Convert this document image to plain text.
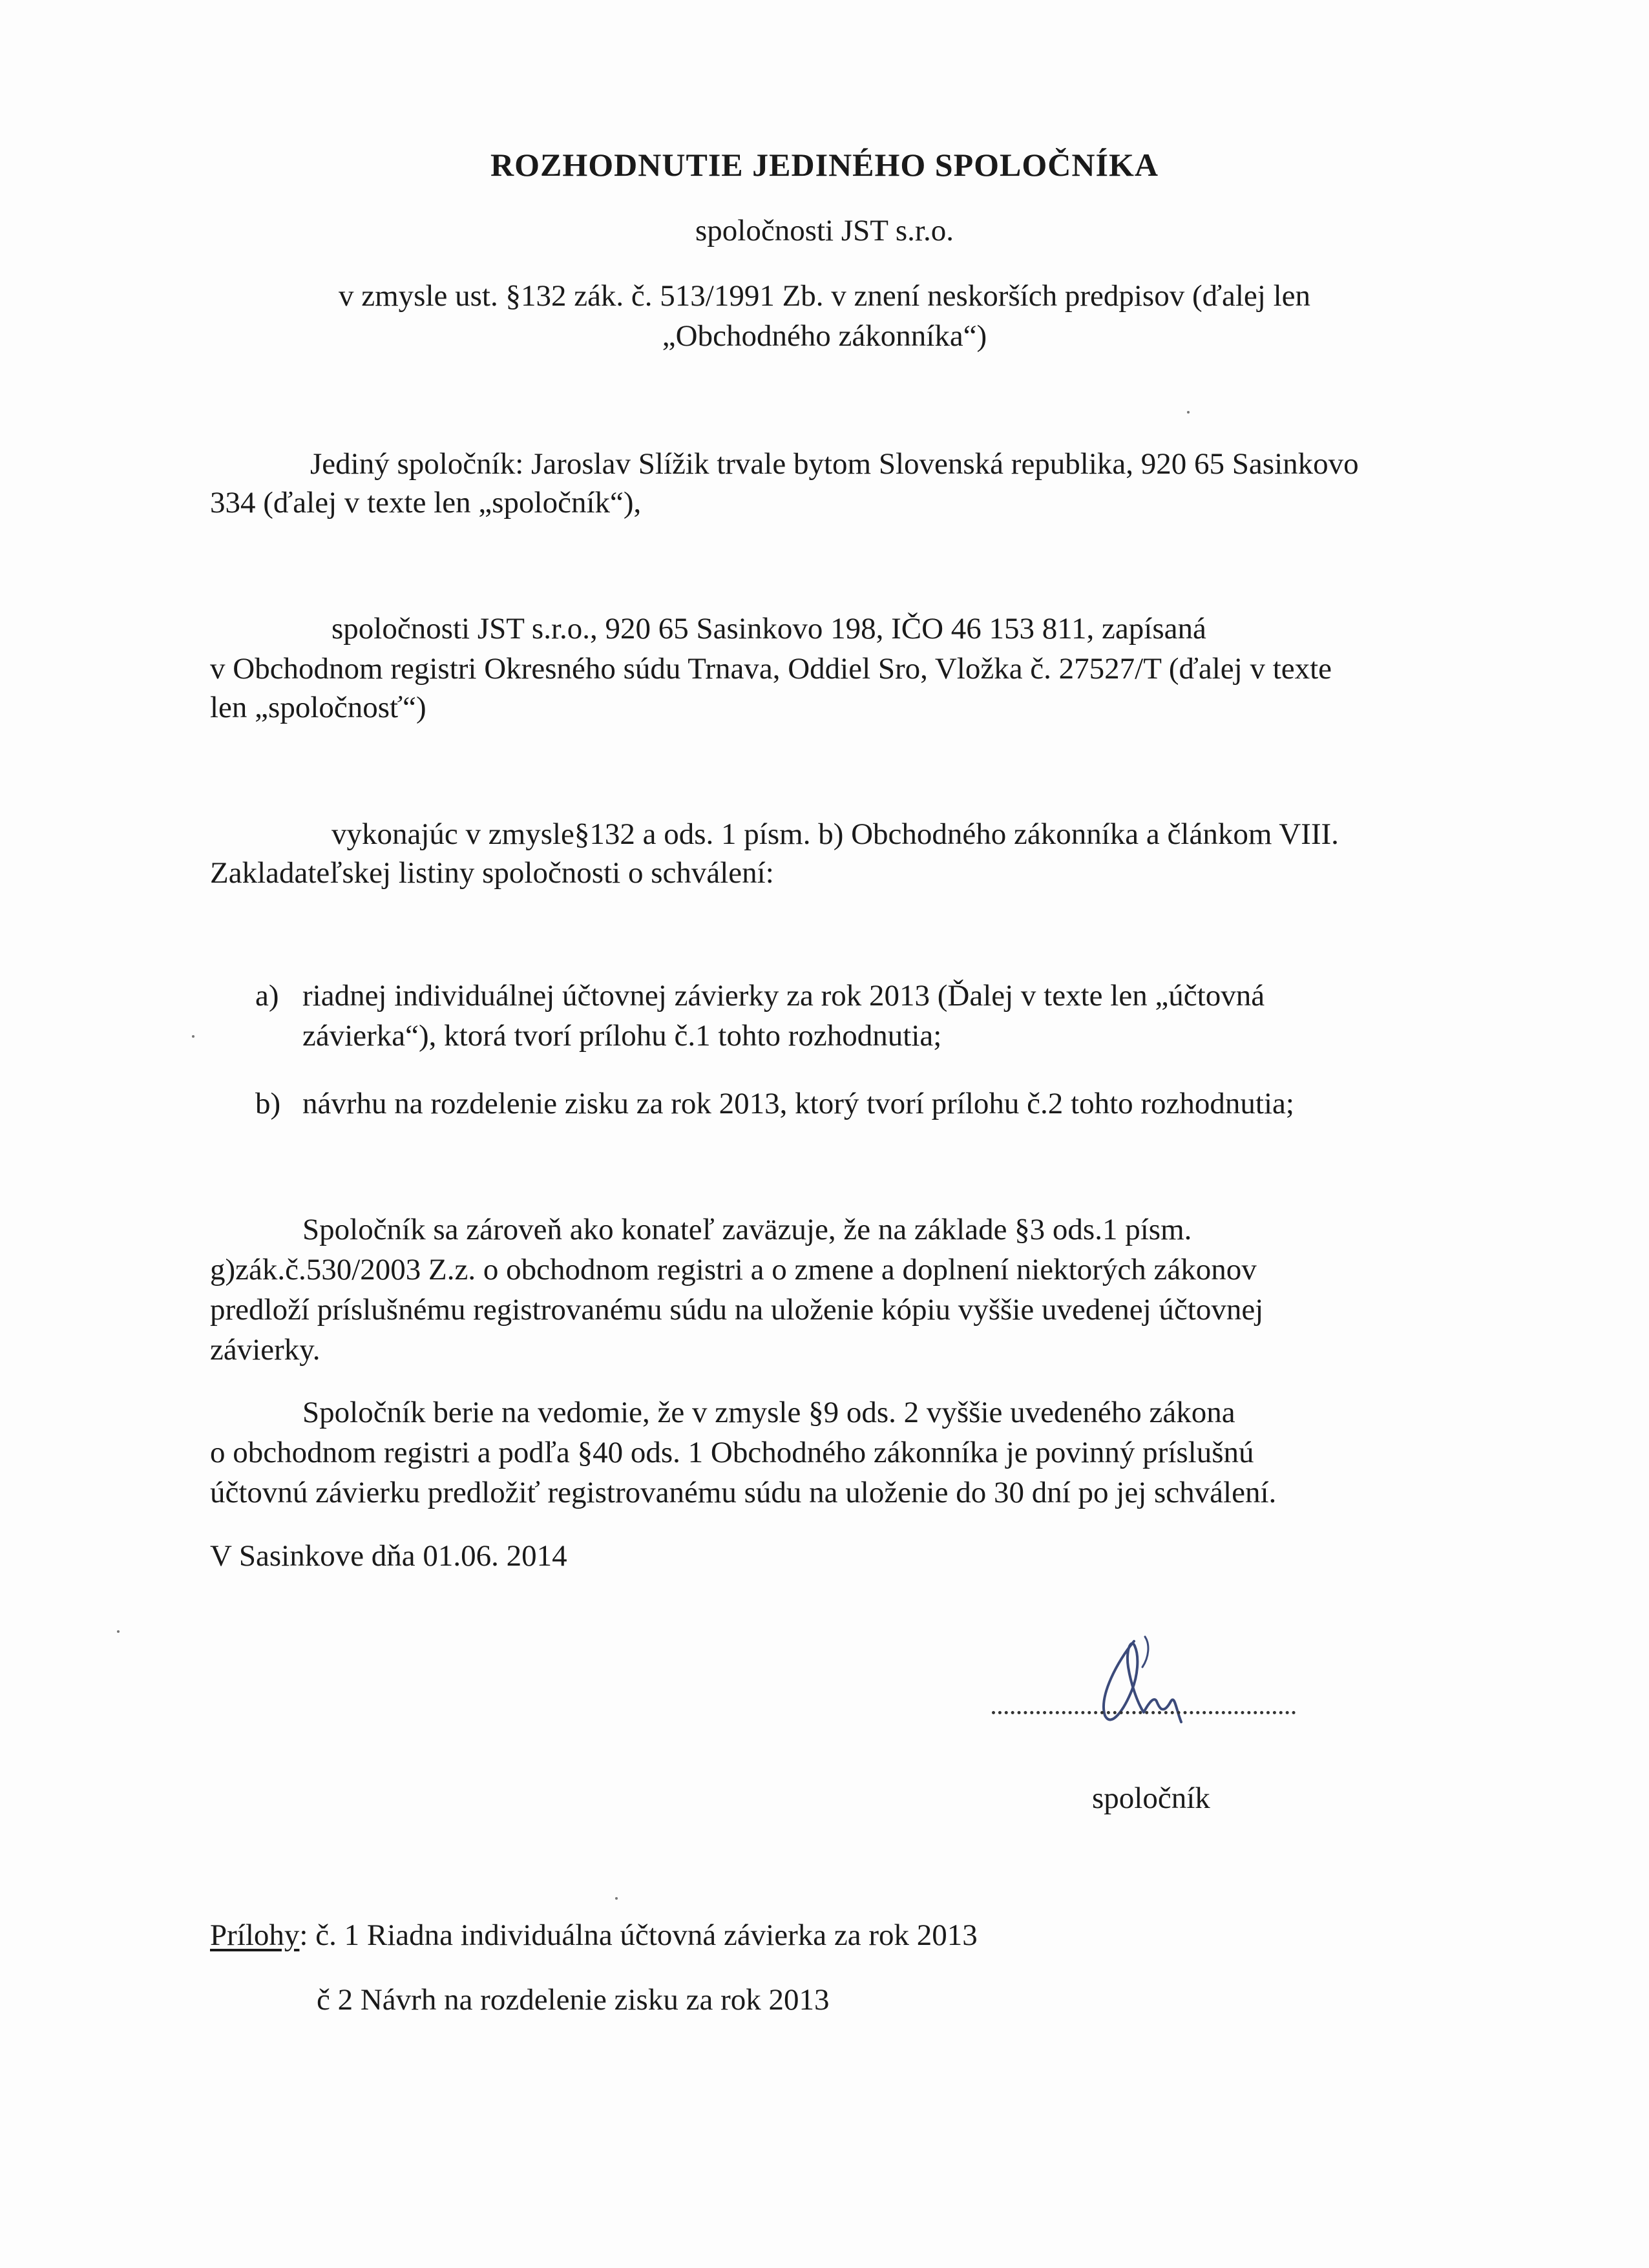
ROZHODNUTIE JEDINÉHO SPOLOČNÍKA
spoločnosti JST s.r.o.
v zmysle ust. §132 zák. č. 513/1991 Zb. v znení neskorších predpisov (ďalej len
„Obchodného zákonníka“)
Jediný spoločník: Jaroslav Slížik trvale bytom Slovenská republika, 920 65 Sasinkovo
334 (ďalej v texte len „spoločník“),
spoločnosti JST s.r.o., 920 65 Sasinkovo 198, IČO 46 153 811, zapísaná
v Obchodnom registri Okresného súdu Trnava, Oddiel Sro, Vložka č. 27527/T (ďalej v texte
len „spoločnosť“)
vykonajúc v zmysle§132 a ods. 1 písm. b) Obchodného zákonníka a článkom VIII.
Zakladateľskej listiny spoločnosti o schválení:
a) riadnej individuálnej účtovnej závierky za rok 2013 (Ďalej v texte len „účtovná
závierka“), ktorá tvorí prílohu č.1 tohto rozhodnutia;
b) návrhu na rozdelenie zisku za rok 2013, ktorý tvorí prílohu č.2 tohto rozhodnutia;
Spoločník sa zároveň ako konateľ zaväzuje, že na základe §3 ods.1 písm.
g)zák.č.530/2003 Z.z. o obchodnom registri a o zmene a doplnení niektorých zákonov
predloží príslušnému registrovanému súdu na uloženie kópiu vyššie uvedenej účtovnej
závierky.
Spoločník berie na vedomie, že v zmysle §9 ods. 2 vyššie uvedeného zákona
o obchodnom registri a podľa §40 ods. 1 Obchodného zákonníka je povinný príslušnú
účtovnú závierku predložiť registrovanému súdu na uloženie do 30 dní po jej schválení.
V Sasinkove dňa 01.06. 2014
spoločník
Prílohy: č. 1 Riadna individuálna účtovná závierka za rok 2013
č 2 Návrh na rozdelenie zisku za rok 2013
